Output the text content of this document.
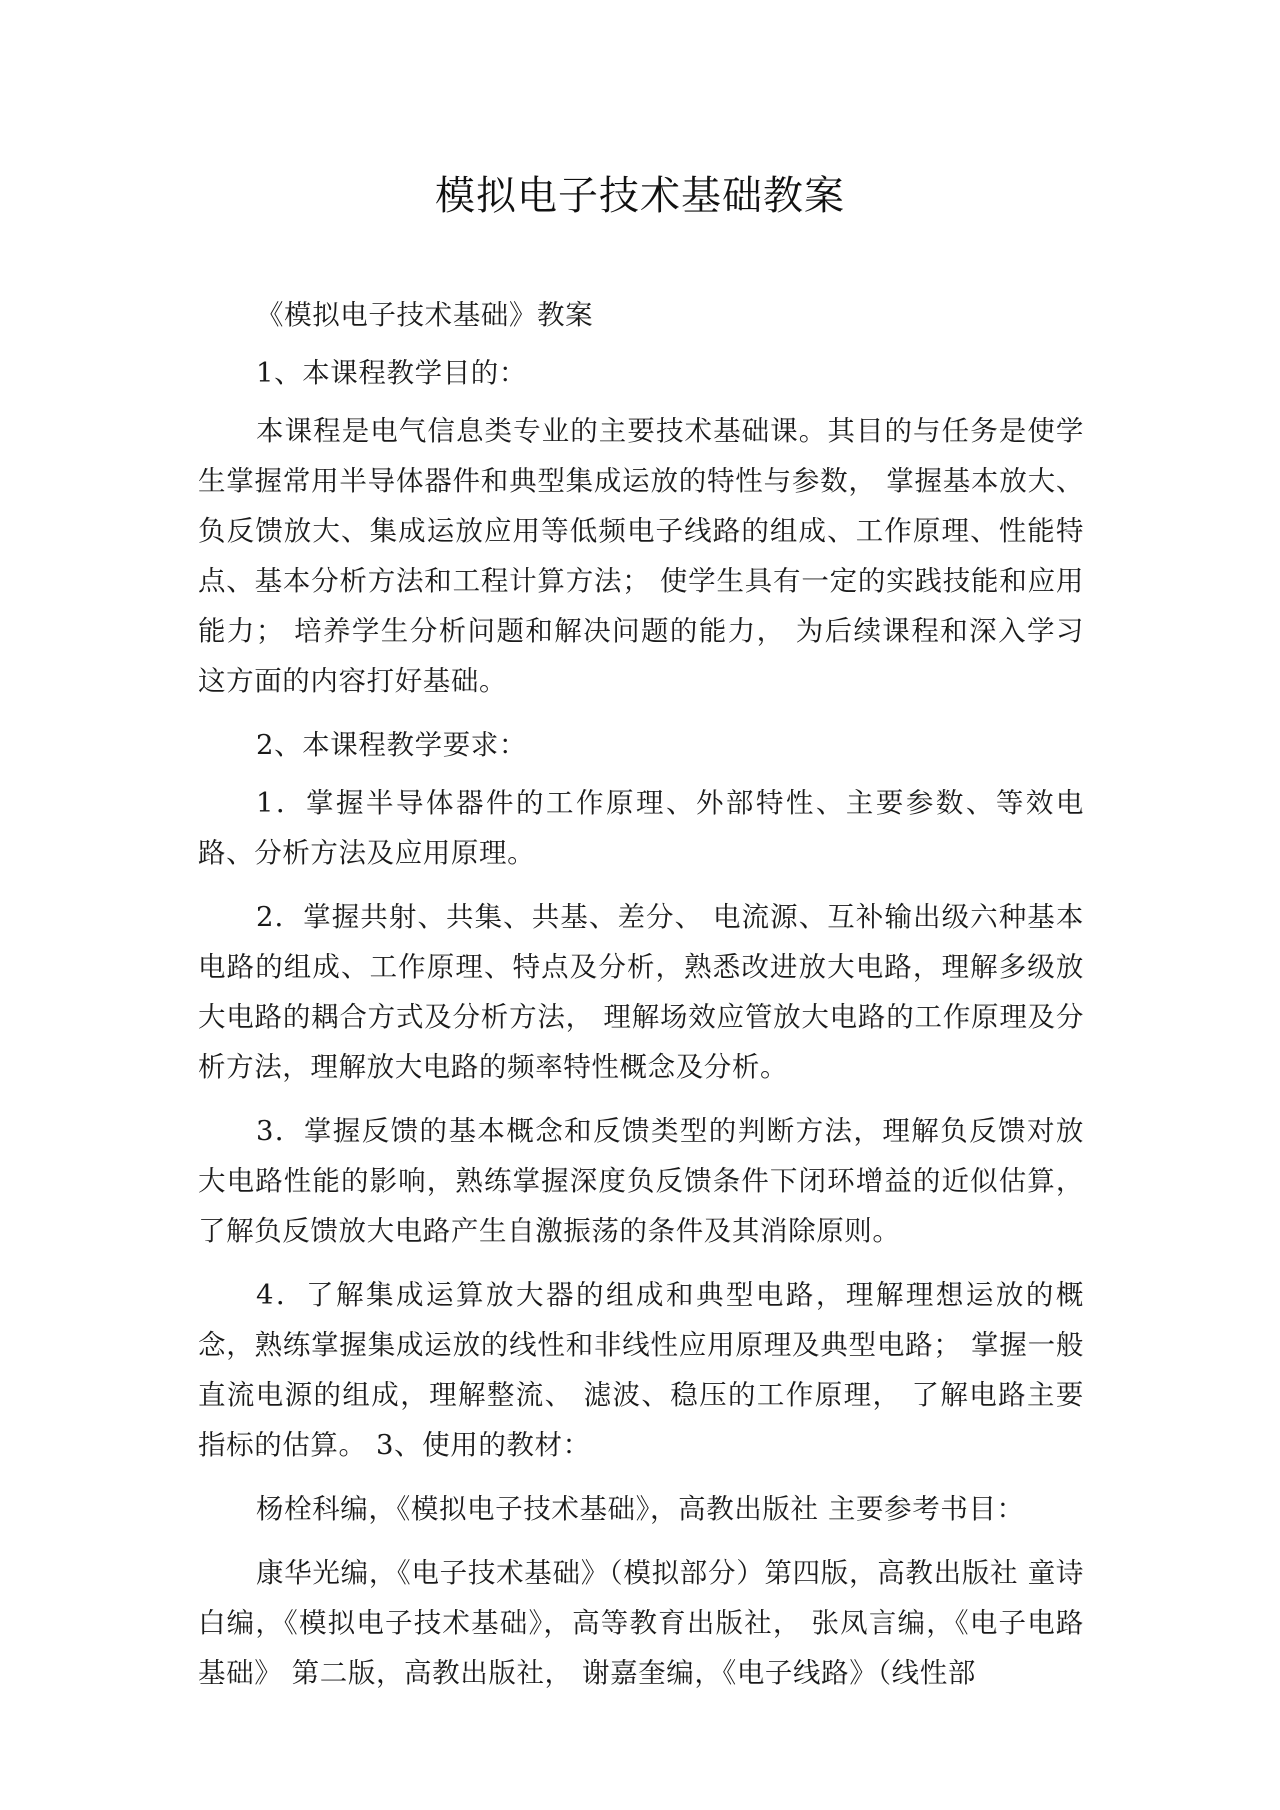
模拟电子技术基础教案

《模拟电子技术基础》教案

1、本课程教学目的：

本课程是电气信息类专业的主要技术基础课。其目的与任务是使学生掌握常用半导体器件和典型集成运放的特性与参数， 掌握基本放大、负反馈放大、集成运放应用等低频电子线路的组成、工作原理、性能特点、基本分析方法和工程计算方法； 使学生具有一定的实践技能和应用能力； 培养学生分析问题和解决问题的能力， 为后续课程和深入学习这方面的内容打好基础。

2、本课程教学要求：

1．掌握半导体器件的工作原理、外部特性、主要参数、等效电路、分析方法及应用原理。

2．掌握共射、共集、共基、差分、 电流源、互补输出级六种基本电路的组成、工作原理、特点及分析，熟悉改进放大电路，理解多级放大电路的耦合方式及分析方法， 理解场效应管放大电路的工作原理及分析方法，理解放大电路的频率特性概念及分析。

3．掌握反馈的基本概念和反馈类型的判断方法，理解负反馈对放大电路性能的影响，熟练掌握深度负反馈条件下闭环增益的近似估算， 了解负反馈放大电路产生自激振荡的条件及其消除原则。

4．了解集成运算放大器的组成和典型电路，理解理想运放的概念，熟练掌握集成运放的线性和非线性应用原理及典型电路； 掌握一般直流电源的组成，理解整流、 滤波、稳压的工作原理， 了解电路主要指标的估算。 3、使用的教材：

杨栓科编，《模拟电子技术基础》，高教出版社 主要参考书目：

康华光编，《电子技术基础》（模拟部分）第四版，高教出版社 童诗白编，《模拟电子技术基础》，高等教育出版社， 张凤言编，《电子电路基础》 第二版，高教出版社， 谢嘉奎编，《电子线路》（线性部
